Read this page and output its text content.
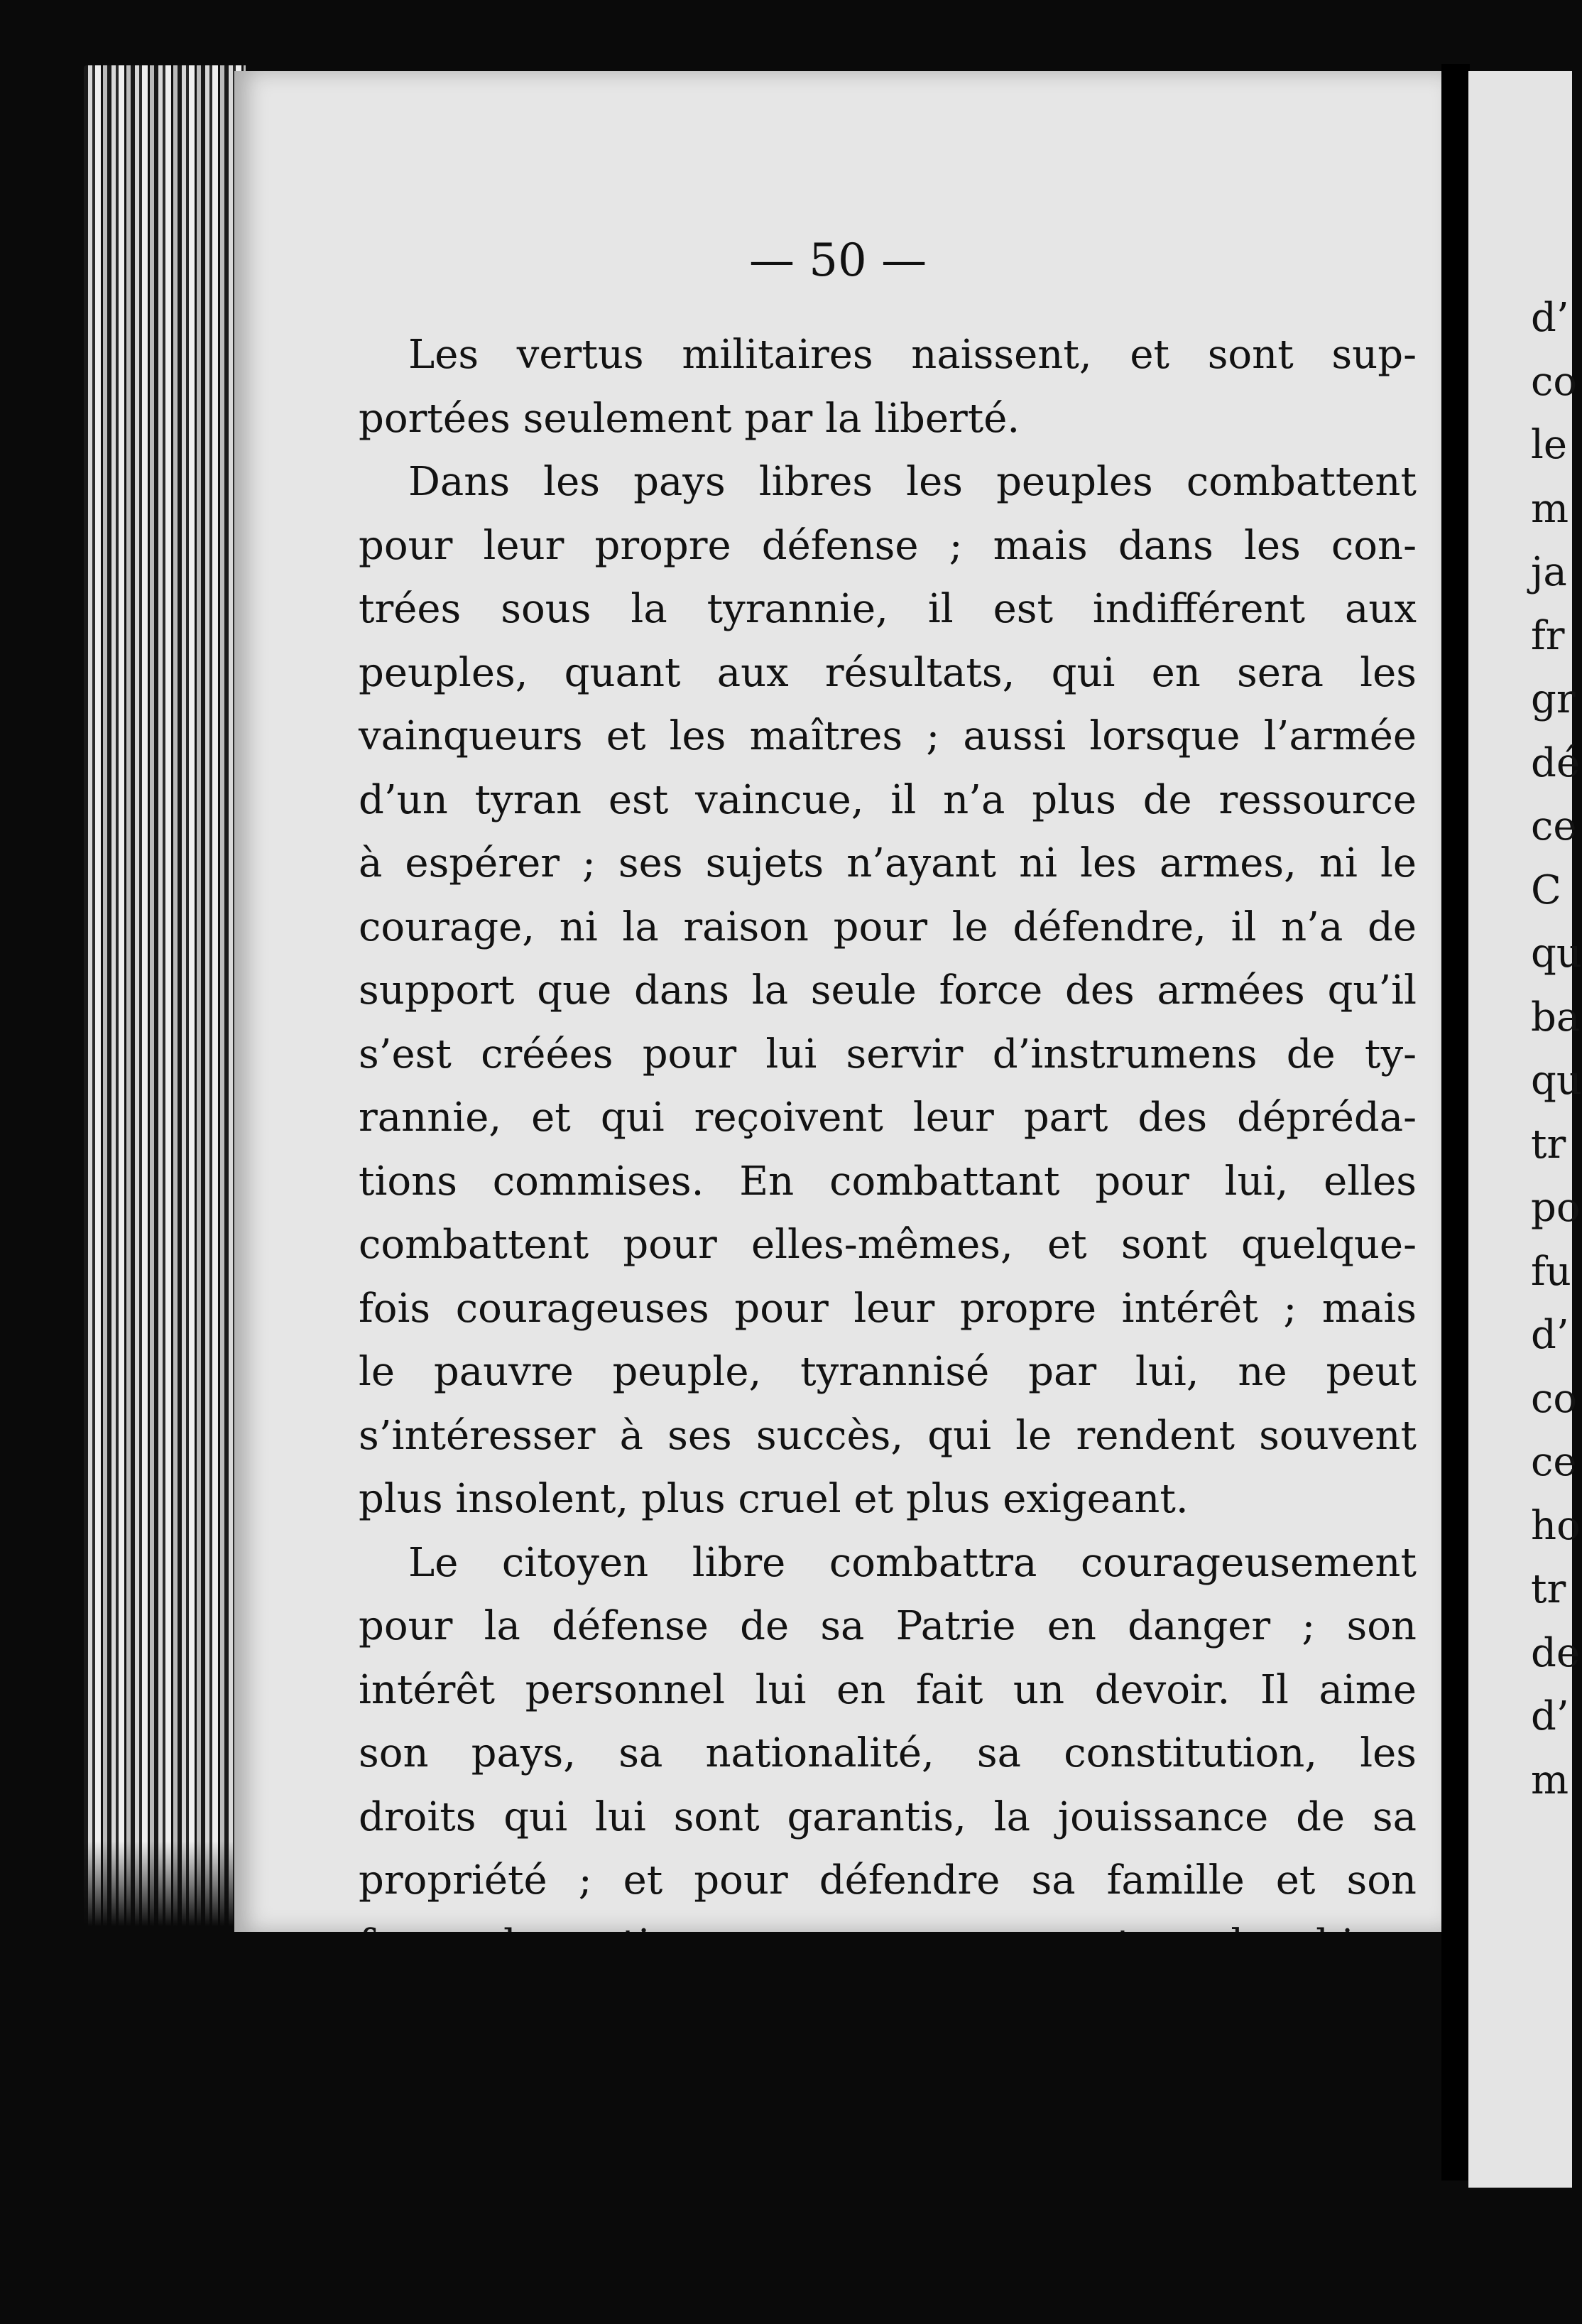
— 50 —
Les vertus militaires naissent, et sont sup-
portées seulement par la liberté.
Dans les pays libres les peuples combattent
pour leur propre défense ; mais dans les con-
trées sous la tyrannie, il est indifférent aux
peuples, quant aux résultats, qui en sera les
vainqueurs et les maîtres ; aussi lorsque l’armée
d’un tyran est vaincue, il n’a plus de ressource
à espérer ; ses sujets n’ayant ni les armes, ni le
courage, ni la raison pour le défendre, il n’a de
support que dans la seule force des armées qu’il
s’est créées pour lui servir d’instrumens de ty-
rannie, et qui reçoivent leur part des dépréda-
tions commises. En combattant pour lui, elles
combattent pour elles-mêmes, et sont quelque-
fois courageuses pour leur propre intérêt ; mais
le pauvre peuple, tyrannisé par lui, ne peut
s’intéresser à ses succès, qui le rendent souvent
plus insolent, plus cruel et plus exigeant.
Le citoyen libre combattra courageusement
pour la défense de sa Patrie en danger ; son
intérêt personnel lui en fait un devoir. Il aime
son pays, sa nationalité, sa constitution, les
droits qui lui sont garantis, la jouissance de sa
propriété ; et pour défendre sa famille et son
d’
co
le
m
ja
fr
gr
dé
ce
C
qu
ba
qu
tr
po
fu
d’
co
ce
ho
tr
de
d’
m
